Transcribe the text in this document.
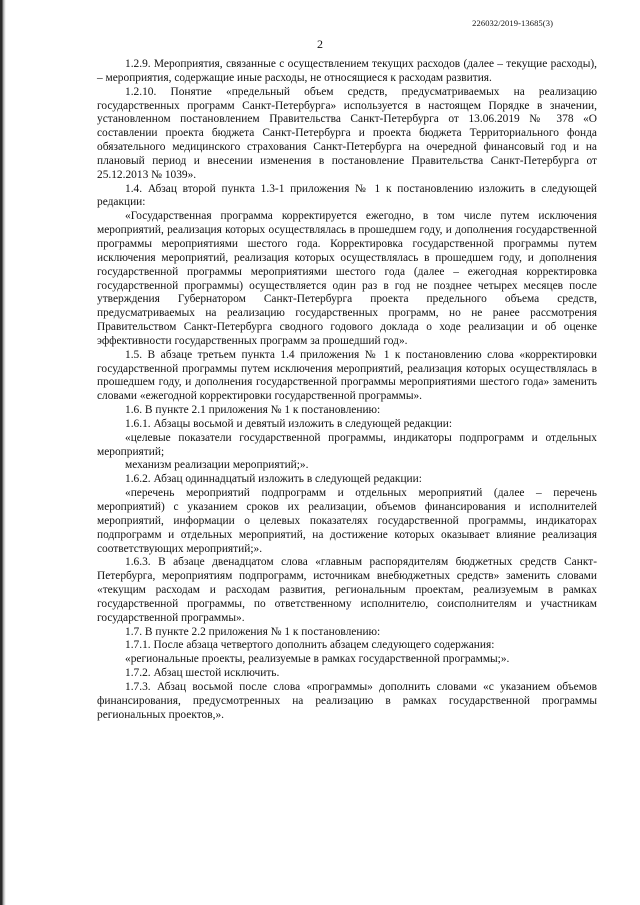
226032/2019-13685(3)
2

1.2.9. Мероприятия, связанные с осуществлением текущих расходов (далее – текущие расходы), – мероприятия, содержащие иные расходы, не относящиеся к расходам развития.

1.2.10. Понятие «предельный объем средств, предусматриваемых на реализацию государственных программ Санкт-Петербурга» используется в настоящем Порядке в значении, установленном постановлением Правительства Санкт-Петербурга от 13.06.2019 № 378 «О составлении проекта бюджета Санкт-Петербурга и проекта бюджета Территориального фонда обязательного медицинского страхования Санкт-Петербурга на очередной финансовый год и на плановый период и внесении изменения в постановление Правительства Санкт-Петербурга от 25.12.2013 № 1039».

1.4. Абзац второй пункта 1.3-1 приложения № 1 к постановлению изложить в следующей редакции:

«Государственная программа корректируется ежегодно, в том числе путем исключения мероприятий, реализация которых осуществлялась в прошедшем году, и дополнения государственной программы мероприятиями шестого года. Корректировка государственной программы путем исключения мероприятий, реализация которых осуществлялась в прошедшем году, и дополнения государственной программы мероприятиями шестого года (далее – ежегодная корректировка государственной программы) осуществляется один раз в год не позднее четырех месяцев после утверждения Губернатором Санкт-Петербурга проекта предельного объема средств, предусматриваемых на реализацию государственных программ, но не ранее рассмотрения Правительством Санкт-Петербурга сводного годового доклада о ходе реализации и об оценке эффективности государственных программ за прошедший год».

1.5. В абзаце третьем пункта 1.4 приложения № 1 к постановлению слова «корректировки государственной программы путем исключения мероприятий, реализация которых осуществлялась в прошедшем году, и дополнения государственной программы мероприятиями шестого года» заменить словами «ежегодной корректировки государственной программы».

1.6. В пункте 2.1 приложения № 1 к постановлению:

1.6.1. Абзацы восьмой и девятый изложить в следующей редакции:

«целевые показатели государственной программы, индикаторы подпрограмм и отдельных мероприятий;

механизм реализации мероприятий;».

1.6.2. Абзац одиннадцатый изложить в следующей редакции:

«перечень мероприятий подпрограмм и отдельных мероприятий (далее – перечень мероприятий) с указанием сроков их реализации, объемов финансирования и исполнителей мероприятий, информации о целевых показателях государственной программы, индикаторах подпрограмм и отдельных мероприятий, на достижение которых оказывает влияние реализация соответствующих мероприятий;».

1.6.3. В абзаце двенадцатом слова «главным распорядителям бюджетных средств Санкт-Петербурга, мероприятиям подпрограмм, источникам внебюджетных средств» заменить словами «текущим расходам и расходам развития, региональным проектам, реализуемым в рамках государственной программы, по ответственному исполнителю, соисполнителям и участникам государственной программы».

1.7. В пункте 2.2 приложения № 1 к постановлению:

1.7.1. После абзаца четвертого дополнить абзацем следующего содержания:

«региональные проекты, реализуемые в рамках государственной программы;».

1.7.2. Абзац шестой исключить.

1.7.3. Абзац восьмой после слова «программы» дополнить словами «с указанием объемов финансирования, предусмотренных на реализацию в рамках государственной программы региональных проектов,».
